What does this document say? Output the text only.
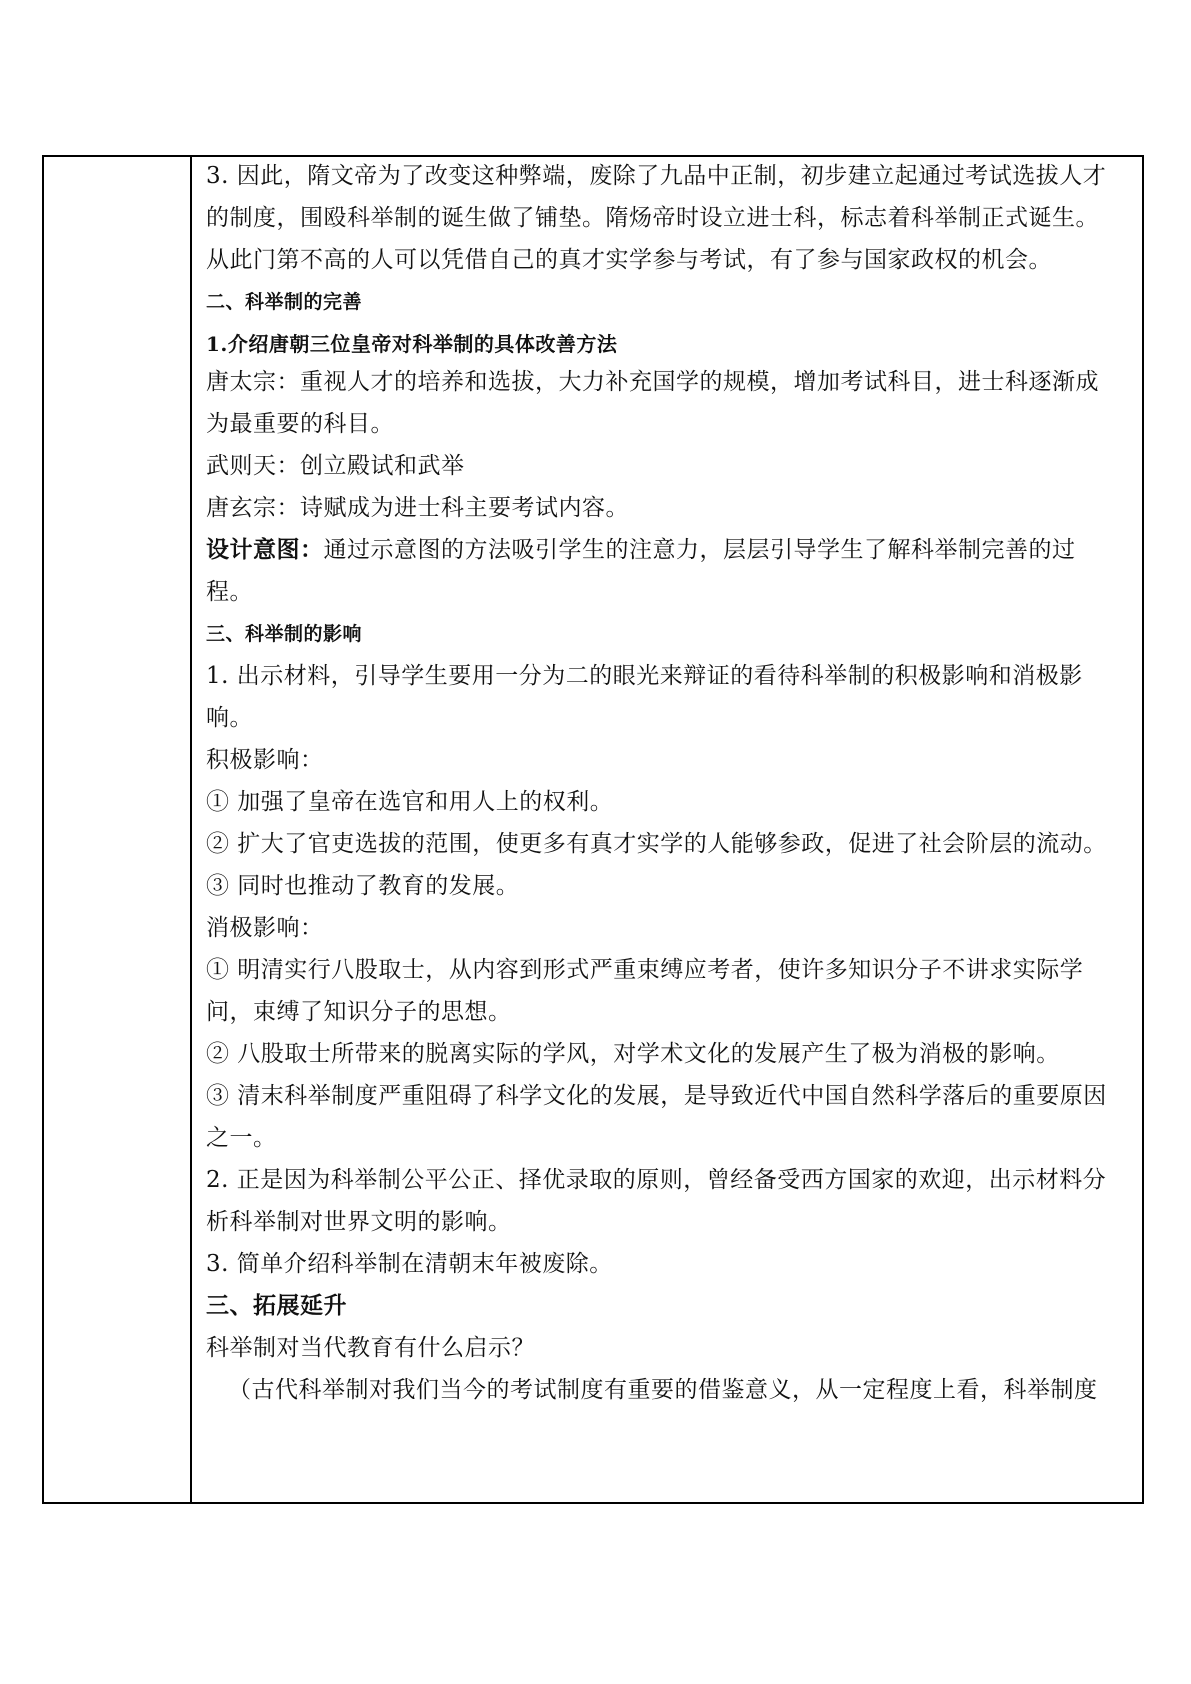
3. 因此，隋文帝为了改变这种弊端，废除了九品中正制，初步建立起通过考试选拔人才
的制度，围殴科举制的诞生做了铺垫。隋炀帝时设立进士科，标志着科举制正式诞生。
从此门第不高的人可以凭借自己的真才实学参与考试，有了参与国家政权的机会。
二、科举制的完善
1.介绍唐朝三位皇帝对科举制的具体改善方法
唐太宗：重视人才的培养和选拔，大力补充国学的规模，增加考试科目，进士科逐渐成
为最重要的科目。
武则天：创立殿试和武举
唐玄宗：诗赋成为进士科主要考试内容。
设计意图：通过示意图的方法吸引学生的注意力，层层引导学生了解科举制完善的过
程。
三、科举制的影响
1. 出示材料，引导学生要用一分为二的眼光来辩证的看待科举制的积极影响和消极影
响。
积极影响：
① 加强了皇帝在选官和用人上的权利。
② 扩大了官吏选拔的范围，使更多有真才实学的人能够参政，促进了社会阶层的流动。
③ 同时也推动了教育的发展。
消极影响：
① 明清实行八股取士，从内容到形式严重束缚应考者，使许多知识分子不讲求实际学
问，束缚了知识分子的思想。
② 八股取士所带来的脱离实际的学风，对学术文化的发展产生了极为消极的影响。
③ 清末科举制度严重阻碍了科学文化的发展，是导致近代中国自然科学落后的重要原因
之一。
2. 正是因为科举制公平公正、择优录取的原则，曾经备受西方国家的欢迎，出示材料分
析科举制对世界文明的影响。
3. 简单介绍科举制在清朝末年被废除。
三、拓展延升
科举制对当代教育有什么启示？
（古代科举制对我们当今的考试制度有重要的借鉴意义，从一定程度上看，科举制度
